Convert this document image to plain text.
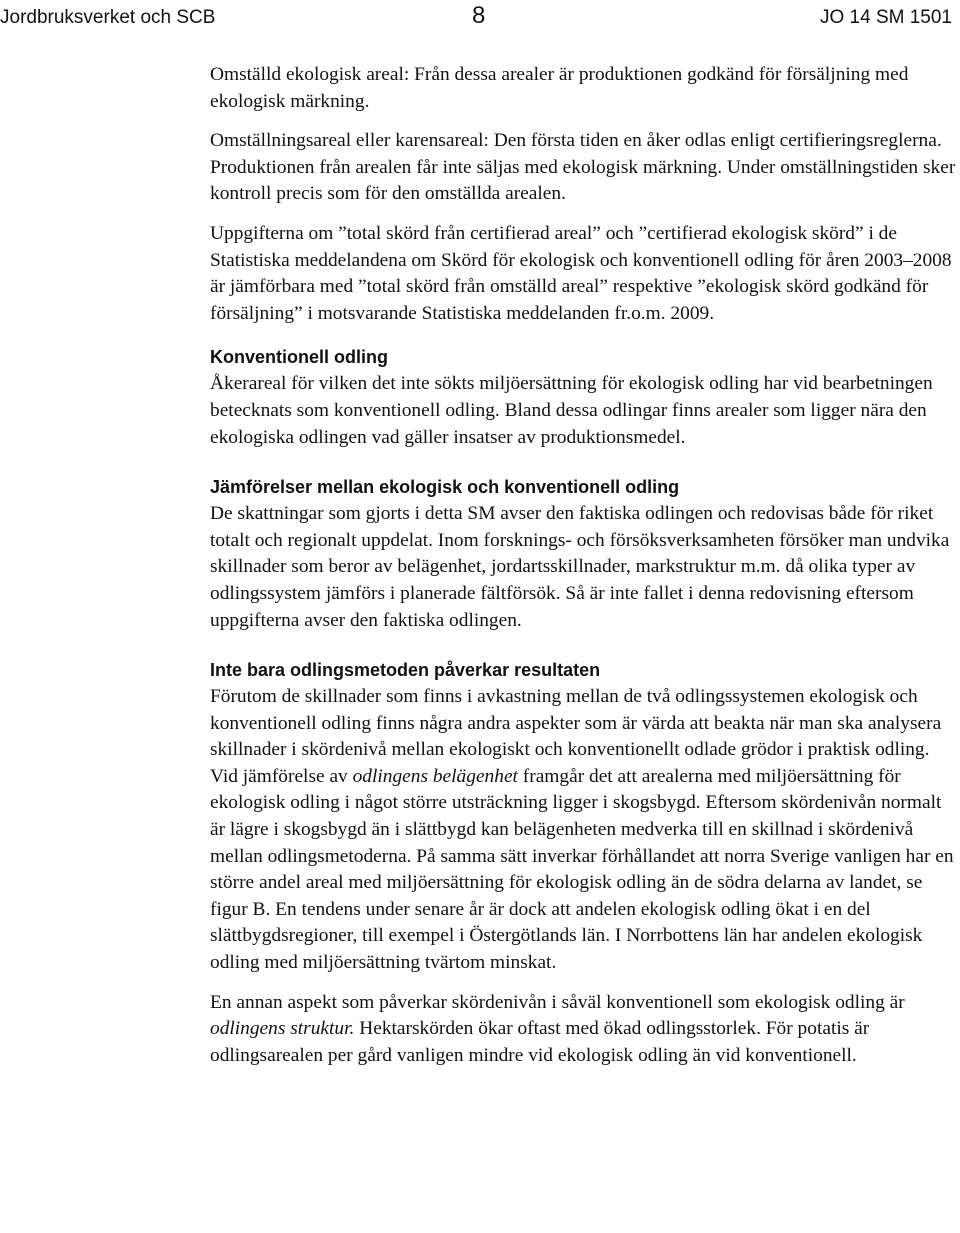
Jordbruksverket och SCB	8	JO 14 SM 1501

Omställd ekologisk areal: Från dessa arealer är produktionen godkänd för försäljning med ekologisk märkning.

Omställningsareal eller karensareal: Den första tiden en åker odlas enligt certifieringsreglerna. Produktionen från arealen får inte säljas med ekologisk märkning. Under omställningstiden sker kontroll precis som för den omställda arealen.

Uppgifterna om ”total skörd från certifierad areal” och ”certifierad ekologisk skörd” i de Statistiska meddelandena om Skörd för ekologisk och konventionell odling för åren 2003–2008 är jämförbara med ”total skörd från omställd areal” respektive ”ekologisk skörd godkänd för försäljning” i motsvarande Statistiska meddelanden fr.o.m. 2009.

Konventionell odling

Åkerareal för vilken det inte sökts miljöersättning för ekologisk odling har vid bearbetningen betecknats som konventionell odling. Bland dessa odlingar finns arealer som ligger nära den ekologiska odlingen vad gäller insatser av produktionsmedel.

Jämförelser mellan ekologisk och konventionell odling

De skattningar som gjorts i detta SM avser den faktiska odlingen och redovisas både för riket totalt och regionalt uppdelat. Inom forsknings- och försöksverksamheten försöker man undvika skillnader som beror av belägenhet, jordartsskillnader, markstruktur m.m. då olika typer av odlingssystem jämförs i planerade fältförsök. Så är inte fallet i denna redovisning eftersom uppgifterna avser den faktiska odlingen.

Inte bara odlingsmetoden påverkar resultaten

Förutom de skillnader som finns i avkastning mellan de två odlingssystemen ekologisk och konventionell odling finns några andra aspekter som är värda att beakta när man ska analysera skillnader i skördenivå mellan ekologiskt och konventionellt odlade grödor i praktisk odling. Vid jämförelse av odlingens belägenhet framgår det att arealerna med miljöersättning för ekologisk odling i något större utsträckning ligger i skogsbygd. Eftersom skördenivån normalt är lägre i skogsbygd än i slättbygd kan belägenheten medverka till en skillnad i skördenivå mellan odlingsmetoderna. På samma sätt inverkar förhållandet att norra Sverige vanligen har en större andel areal med miljöersättning för ekologisk odling än de södra delarna av landet, se figur B. En tendens under senare år är dock att andelen ekologisk odling ökat i en del slättbygdsregioner, till exempel i Östergötlands län. I Norrbottens län har andelen ekologisk odling med miljöersättning tvärtom minskat.

En annan aspekt som påverkar skördenivån i såväl konventionell som ekologisk odling är odlingens struktur. Hektarskörden ökar oftast med ökad odlingsstorlek. För potatis är odlingsarealen per gård vanligen mindre vid ekologisk odling än vid konventionell.
